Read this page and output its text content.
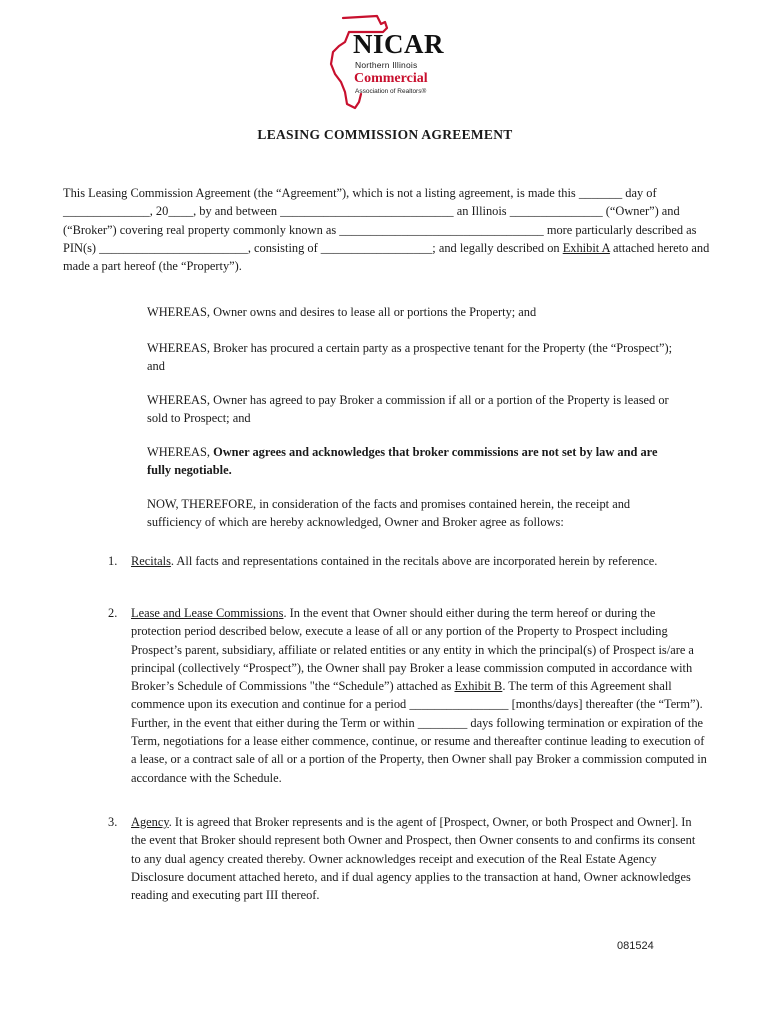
NICAR
Northern Illinois
Commercial
Association of Realtors®
LEASING COMMISSION AGREEMENT
This Leasing Commission Agreement (the “Agreement”), which is not a listing agreement, is made this _______ day of ______________, 20____, by and between ____________________________ an Illinois _______________ (“Owner”) and (“Broker”) covering real property commonly known as _________________________________ more particularly described as PIN(s) ________________________, consisting of __________________; and legally described on Exhibit A attached hereto and made a part hereof (the “Property”).
WHEREAS, Owner owns and desires to lease all or portions the Property; and
WHEREAS, Broker has procured a certain party as a prospective tenant for the Property (the “Prospect”); and
WHEREAS, Owner has agreed to pay Broker a commission if all or a portion of the Property is leased or sold to Prospect; and
WHEREAS, Owner agrees and acknowledges that broker commissions are not set by law and are fully negotiable.
NOW, THEREFORE, in consideration of the facts and promises contained herein, the receipt and sufficiency of which are hereby acknowledged, Owner and Broker agree as follows:
1. Recitals. All facts and representations contained in the recitals above are incorporated herein by reference.
2. Lease and Lease Commissions. In the event that Owner should either during the term hereof or during the protection period described below, execute a lease of all or any portion of the Property to Prospect including Prospect’s parent, subsidiary, affiliate or related entities or any entity in which the principal(s) of Prospect is/are a principal (collectively “Prospect”), the Owner shall pay Broker a lease commission computed in accordance with Broker’s Schedule of Commissions "the “Schedule”) attached as Exhibit B. The term of this Agreement shall commence upon its execution and continue for a period ________________ [months/days] thereafter (the “Term”). Further, in the event that either during the Term or within ________ days following termination or expiration of the Term, negotiations for a lease either commence, continue, or resume and thereafter continue leading to execution of a lease, or a contract sale of all or a portion of the Property, then Owner shall pay Broker a commission computed in accordance with the Schedule.
3. Agency. It is agreed that Broker represents and is the agent of [Prospect, Owner, or both Prospect and Owner]. In the event that Broker should represent both Owner and Prospect, then Owner consents to and confirms its consent to any dual agency created thereby. Owner acknowledges receipt and execution of the Real Estate Agency Disclosure document attached hereto, and if dual agency applies to the transaction at hand, Owner acknowledges reading and executing part III thereof.
081524
